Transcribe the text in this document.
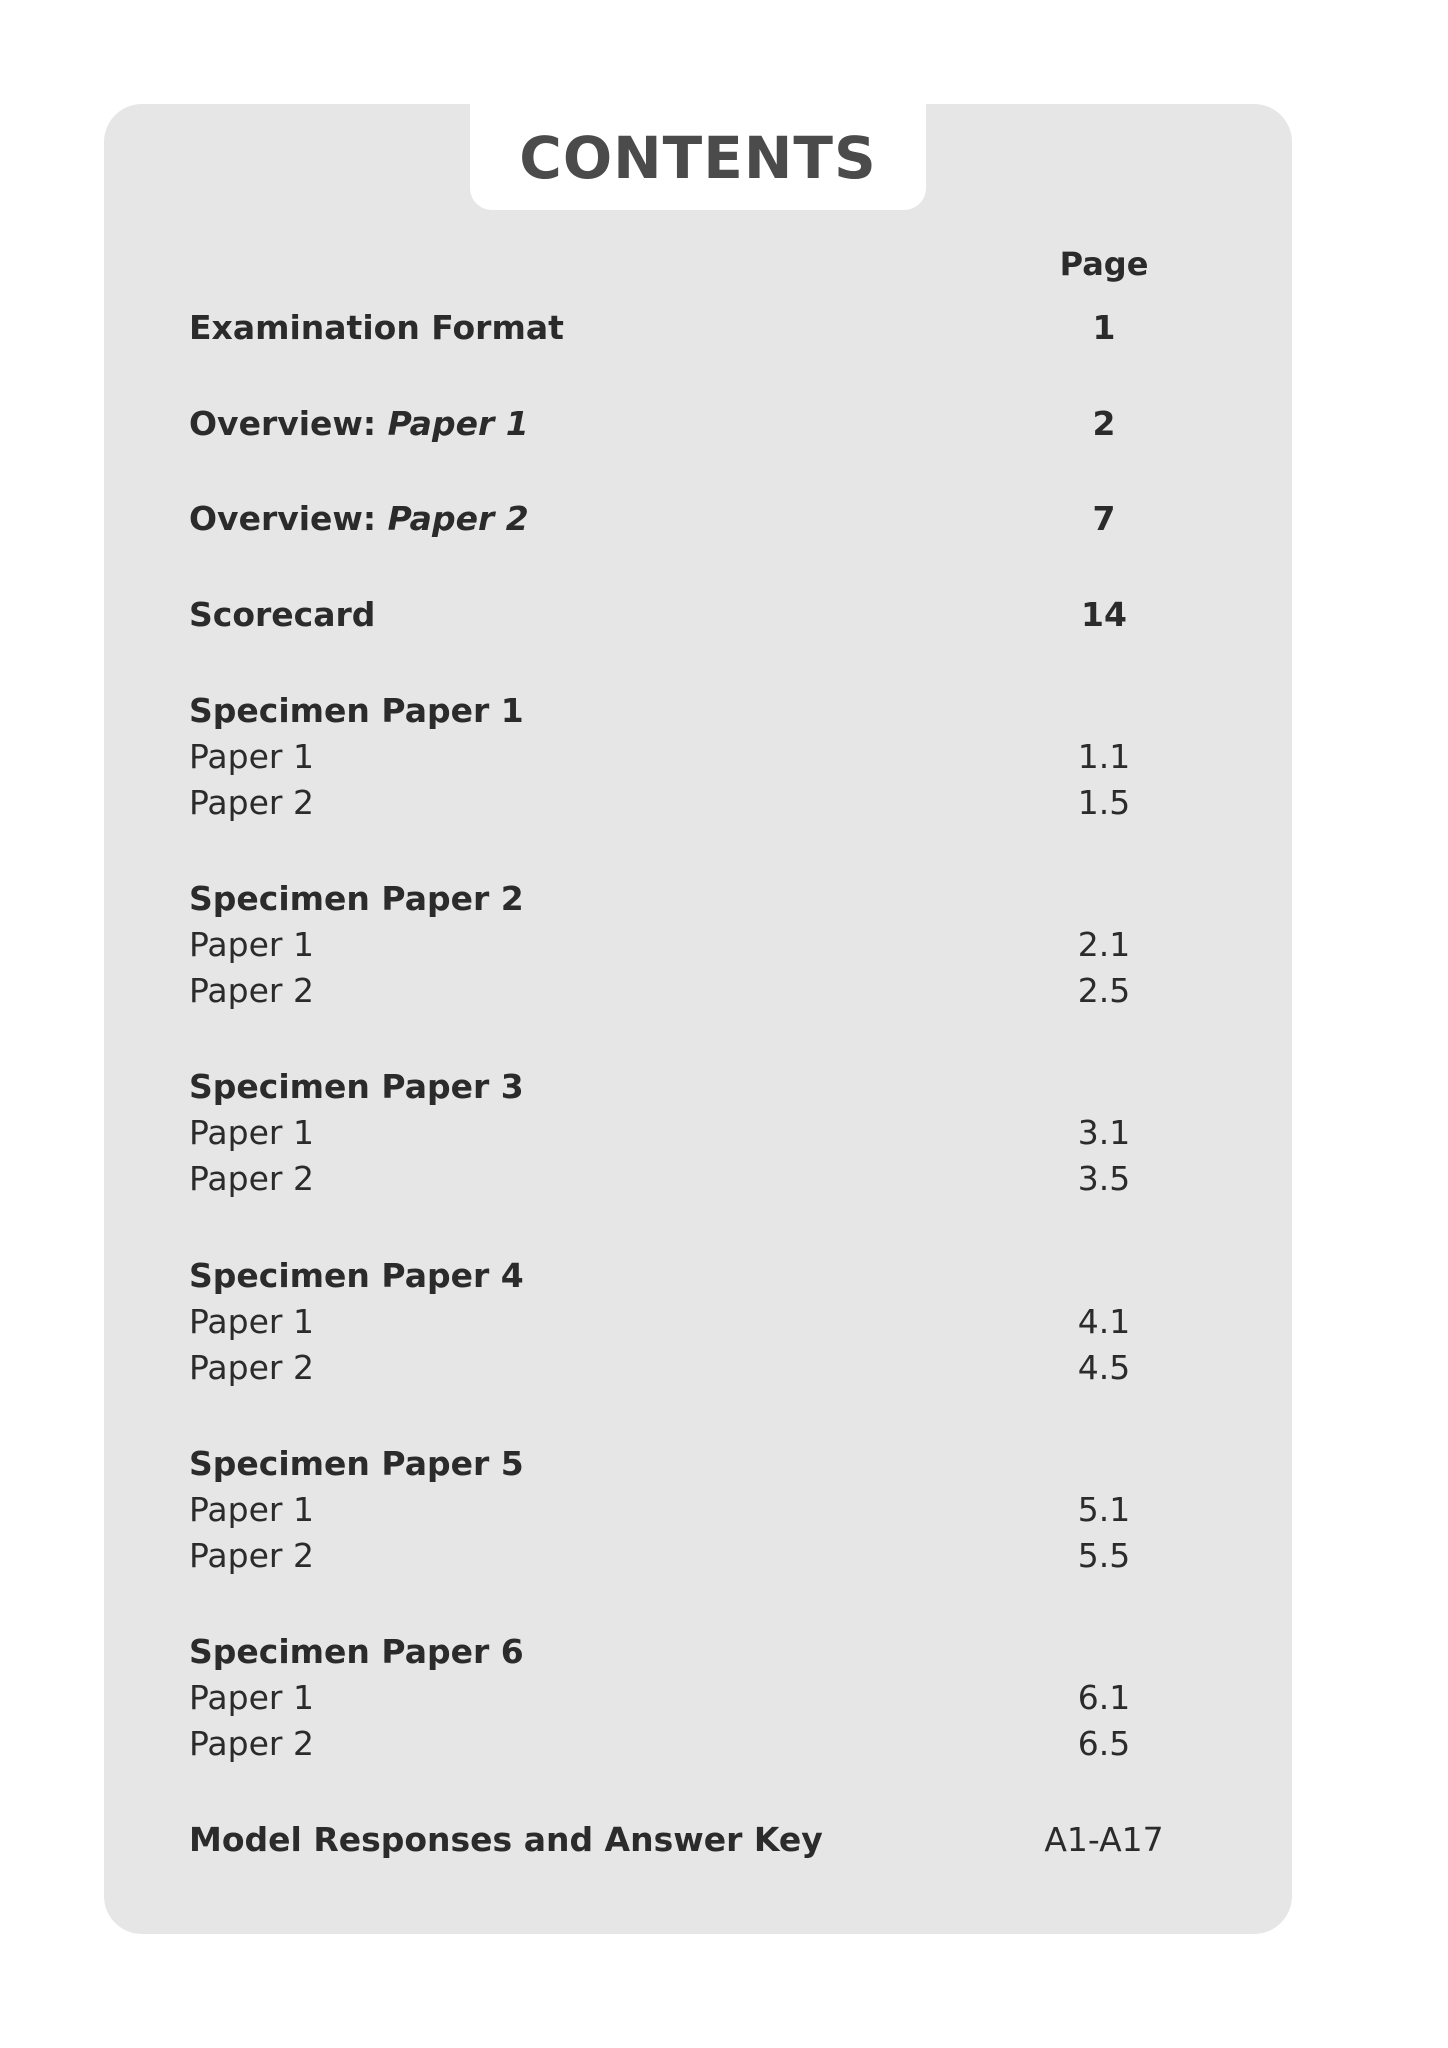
CONTENTS
Page
Examination Format	1
Overview: Paper 1	2
Overview: Paper 2	7
Scorecard	14
Specimen Paper 1
Paper 1	1.1
Paper 2	1.5
Specimen Paper 2
Paper 1	2.1
Paper 2	2.5
Specimen Paper 3
Paper 1	3.1
Paper 2	3.5
Specimen Paper 4
Paper 1	4.1
Paper 2	4.5
Specimen Paper 5
Paper 1	5.1
Paper 2	5.5
Specimen Paper 6
Paper 1	6.1
Paper 2	6.5
Model Responses and Answer Key	A1-A17
